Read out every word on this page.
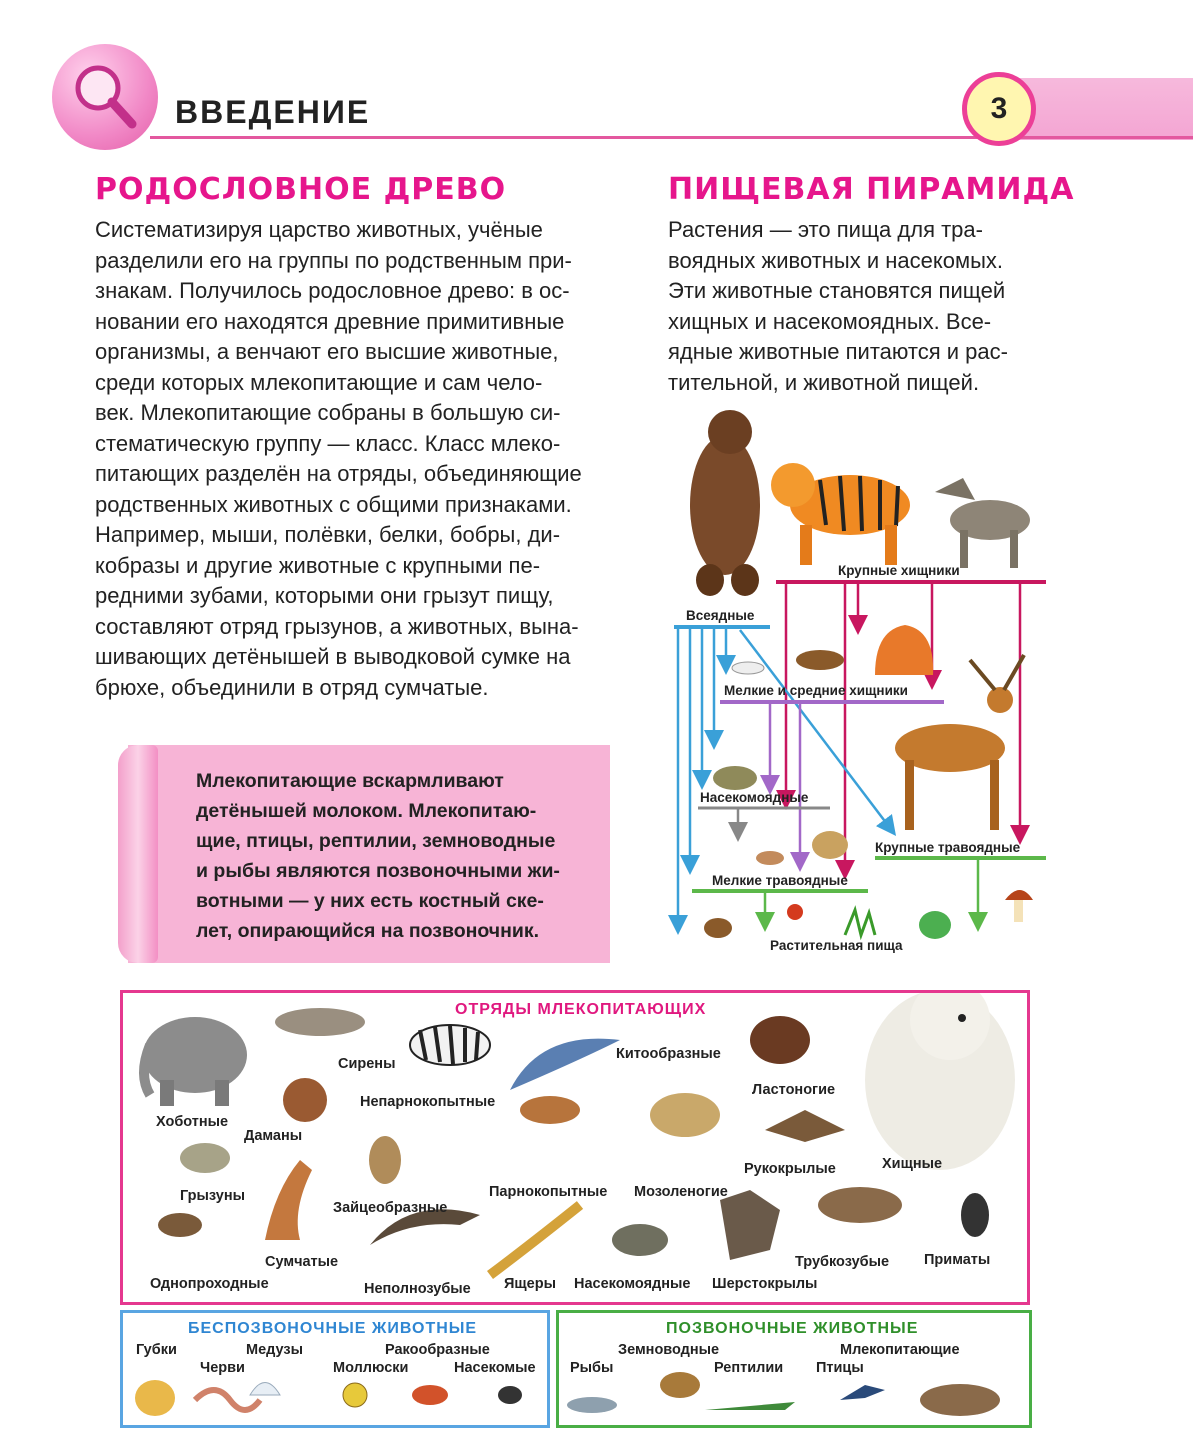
ВВЕДЕНИЕ	3
РОДОСЛОВНОЕ ДРЕВО
Систематизируя царство животных, учёные
разделили его на группы по родственным при-
знакам. Получилось родословное древо: в ос-
новании его находятся древние примитивные
организмы, а венчают его высшие животные,
среди которых млекопитающие и сам чело-
век. Млекопитающие собраны в большую си-
стематическую группу — класс. Класс млеко-
питающих разделён на отряды, объединяющие
родственных животных с общими признаками.
Например, мыши, полёвки, белки, бобры, ди-
кобразы и другие животные с крупными пе-
редними зубами, которыми они грызут пищу,
составляют отряд грызунов, а животных, вына-
шивающих детёнышей в выводковой сумке на
брюхе, объединили в отряд сумчатые.
Млекопитающие вскармливают
детёнышей молоком. Млекопитаю-
щие, птицы, рептилии, земноводные
и рыбы являются позвоночными жи-
вотными — у них есть костный ске-
лет, опирающийся на позвоночник.
ПИЩЕВАЯ ПИРАМИДА
Растения — это пища для тра-
воядных животных и насекомых.
Эти животные становятся пищей
хищных и насекомоядных. Все-
ядные животные питаются и рас-
тительной, и животной пищей.
Крупные хищники
Всеядные
Мелкие и средние хищники
Насекомоядные
Крупные травоядные
Мелкие травоядные
Растительная пища
ОТРЯДЫ МЛЕКОПИТАЮЩИХ
Хоботные
Сирены
Даманы
Непарнокопытные
Китообразные
Ластоногие
Хищные
Грызуны
Зайцеобразные
Парнокопытные Мозоленогие
Рукокрылые
Сумчатые
Однопроходные	Неполнозубые Ящеры Насекомоядные Шерстокрылы
Трубкозубые Приматы
БЕСПОЗВОНОЧНЫЕ ЖИВОТНЫЕ
Губки
Черви
Медузы
Моллюски
Ракообразные
Насекомые
ПОЗВОНОЧНЫЕ ЖИВОТНЫЕ
Рыбы
Земноводные
Рептилии Птицы
Млекопитающие
